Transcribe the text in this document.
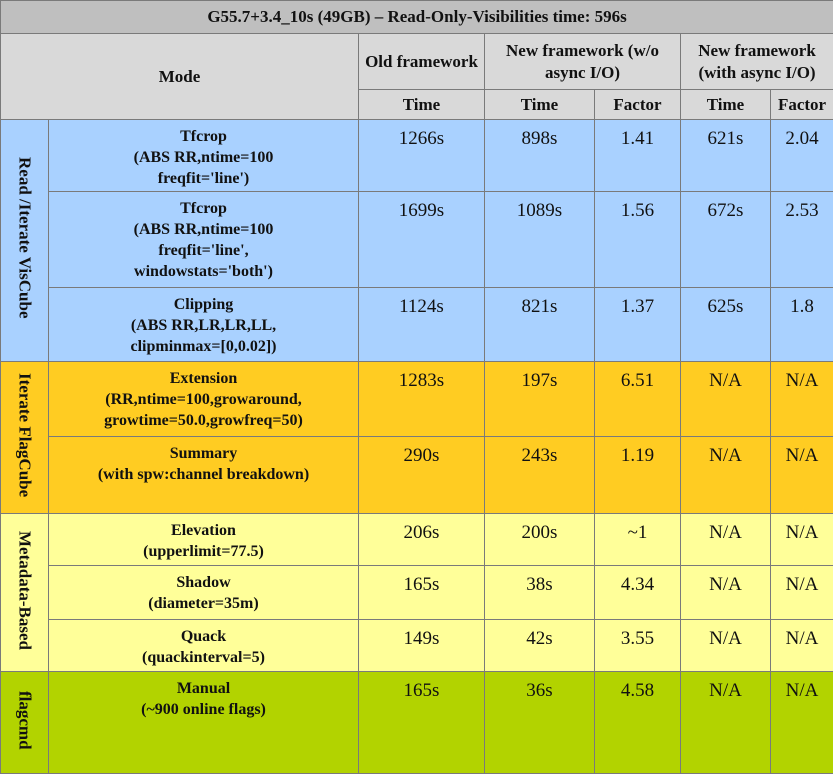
G55.7+3.4_10s (49GB) – Read-Only-Visibilities time: 596s						
Mode		Old framework	New framework (w/o async I/O)		New framework (with async I/O)	
		Time	Time	Factor	Time	Factor
Read /Iterate VisCube	Tfcrop
(ABS RR,ntime=100
freqfit='line')	1266s	898s	1.41	621s	2.04
	Tfcrop
(ABS RR,ntime=100
freqfit='line',
windowstats='both')	1699s	1089s	1.56	672s	2.53
	Clipping
(ABS RR,LR,LR,LL,
clipminmax=[0,0.02])	1124s	821s	1.37	625s	1.8
Iterate FlagCube	Extension
(RR,ntime=100,growaround,
growtime=50.0,growfreq=50)	1283s	197s	6.51	N/A	N/A
	Summary
(with spw:channel breakdown)	290s	243s	1.19	N/A	N/A
Metadata-Based	Elevation
(upperlimit=77.5)	206s	200s	~1	N/A	N/A
	Shadow
(diameter=35m)	165s	38s	4.34	N/A	N/A
	Quack
(quackinterval=5)	149s	42s	3.55	N/A	N/A
flagcmd	Manual
(~900 online flags)	165s	36s	4.58	N/A	N/A
